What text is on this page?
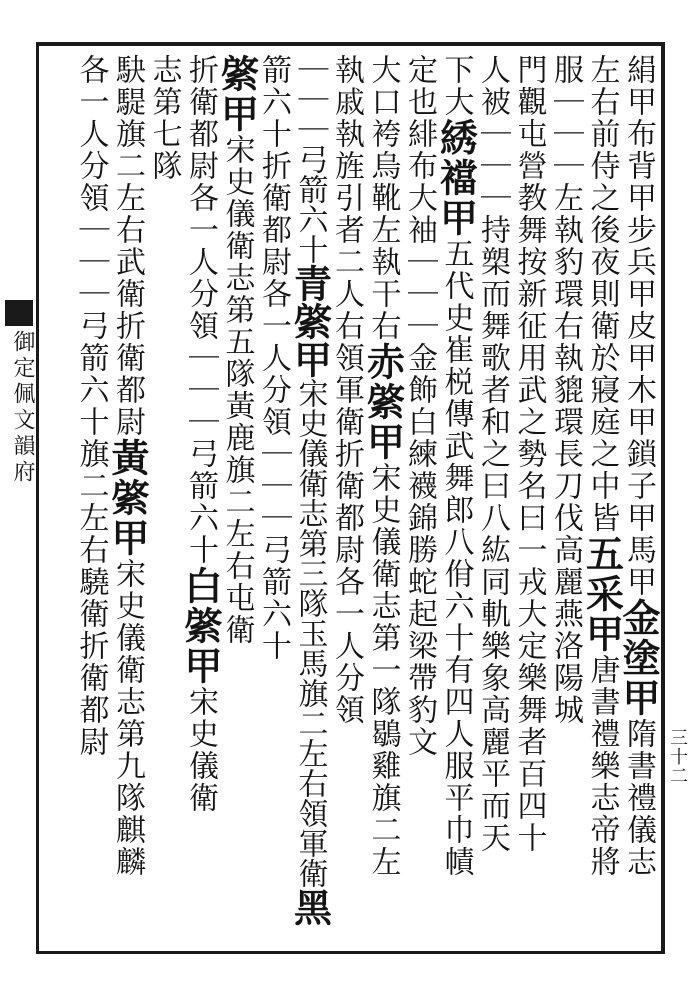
御定佩文韻府
三十二
絹甲布背甲步兵甲皮甲木甲鎖子甲馬甲金塗甲隋書禮儀志
左右前侍之後夜則衛於寢庭之中皆五采甲唐書禮樂志帝將
服｜｜｜左執豹環右執貔環長刀伐高麗燕洛陽城
門觀屯營教舞按新征用武之勢名曰一戎大定樂舞者百四十
人被｜｜｜持槊而舞歌者和之曰八紘同軌樂象高麗平而天
下大綉襠甲五代史崔棁傳武舞郎八佾六十有四人服平巾幘
定也緋布大袖｜｜｜金飾白練襪錦勝蛇起梁帶豹文
大口袴烏靴左執干右赤綮甲宋史儀衛志第一隊鶡雞旗二左
執戚執旌引者二人右領軍衛折衛都尉各一人分領
｜｜｜弓箭六十青綮甲宋史儀衛志第三隊玉馬旗二左右領軍衛黑
箭六十折衛都尉各一人分領｜｜｜弓箭六十
綮甲宋史儀衛志第五隊黃鹿旗二左右屯衛
折衛都尉各一人分領｜｜｜弓箭六十白綮甲宋史儀衛
志第七隊
駃騠旗二左右武衛折衛都尉黃綮甲宋史儀衛志第九隊麒麟
各一人分領｜｜｜弓箭六十旗二左右驍衛折衛都尉
